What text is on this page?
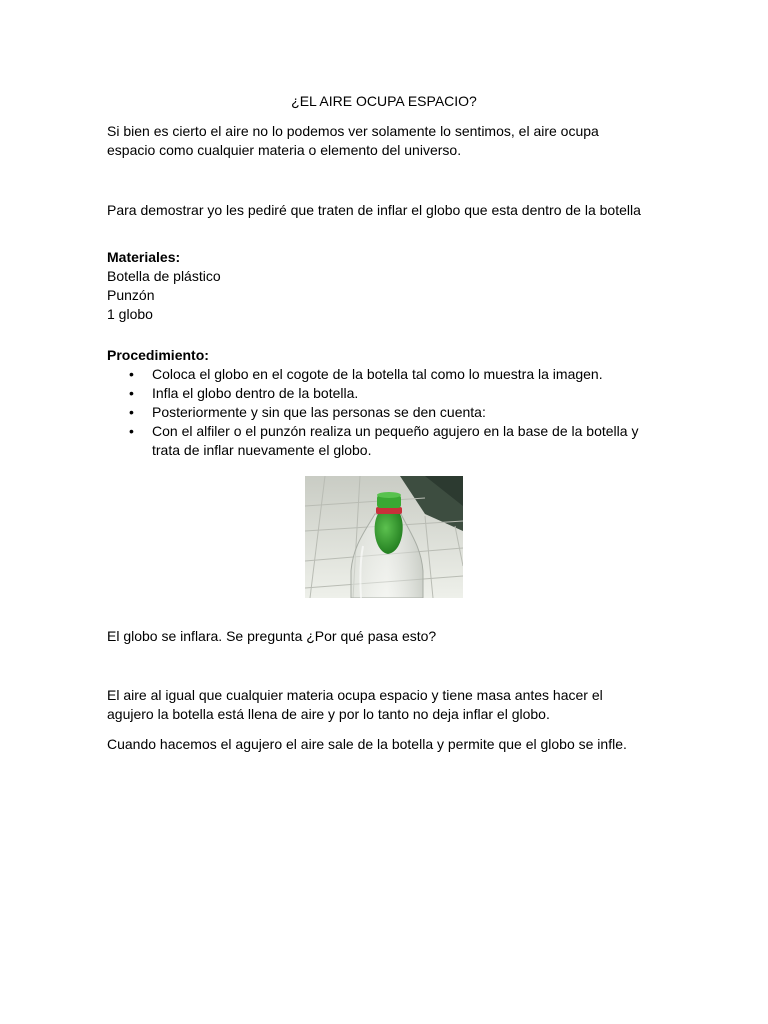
¿EL AIRE OCUPA ESPACIO?

Si bien es cierto el aire no lo podemos ver solamente lo sentimos, el aire ocupa espacio como cualquier materia o elemento del universo.

Para demostrar yo les pediré que traten de inflar el globo que esta dentro de la botella

Materiales:

Botella de plástico
Punzón
1 globo

Procedimiento:

• Coloca el globo en el cogote de la botella tal como lo muestra la imagen.
• Infla el globo dentro de la botella.
• Posteriormente y sin que las personas se den cuenta:
• Con el alfiler o el punzón realiza un pequeño agujero en la base de la botella y trata de inflar nuevamente el globo.

El globo se inflara. Se pregunta ¿Por qué pasa esto?

El aire al igual que cualquier materia ocupa espacio y tiene masa antes hacer el agujero la botella está llena de aire y por lo tanto no deja inflar el globo.

Cuando hacemos el agujero el aire sale de la botella y permite que el globo se infle.
